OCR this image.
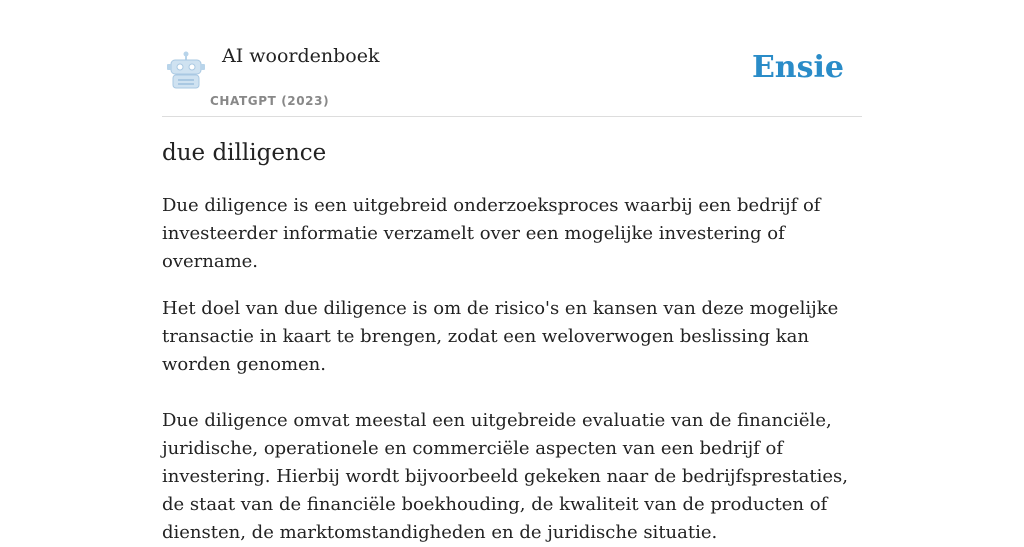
AI woordenboek
CHATGPT (2023)
Ensie
due dilligence

Due diligence is een uitgebreid onderzoeksproces waarbij een bedrijf of investeerder informatie verzamelt over een mogelijke investering of overname.

Het doel van due diligence is om de risico's en kansen van deze mogelijke transactie in kaart te brengen, zodat een weloverwogen beslissing kan worden genomen.

Due diligence omvat meestal een uitgebreide evaluatie van de financiële, juridische, operationele en commerciële aspecten van een bedrijf of investering. Hierbij wordt bijvoorbeeld gekeken naar de bedrijfsprestaties, de staat van de financiële boekhouding, de kwaliteit van de producten of diensten, de marktomstandigheden en de juridische situatie.
